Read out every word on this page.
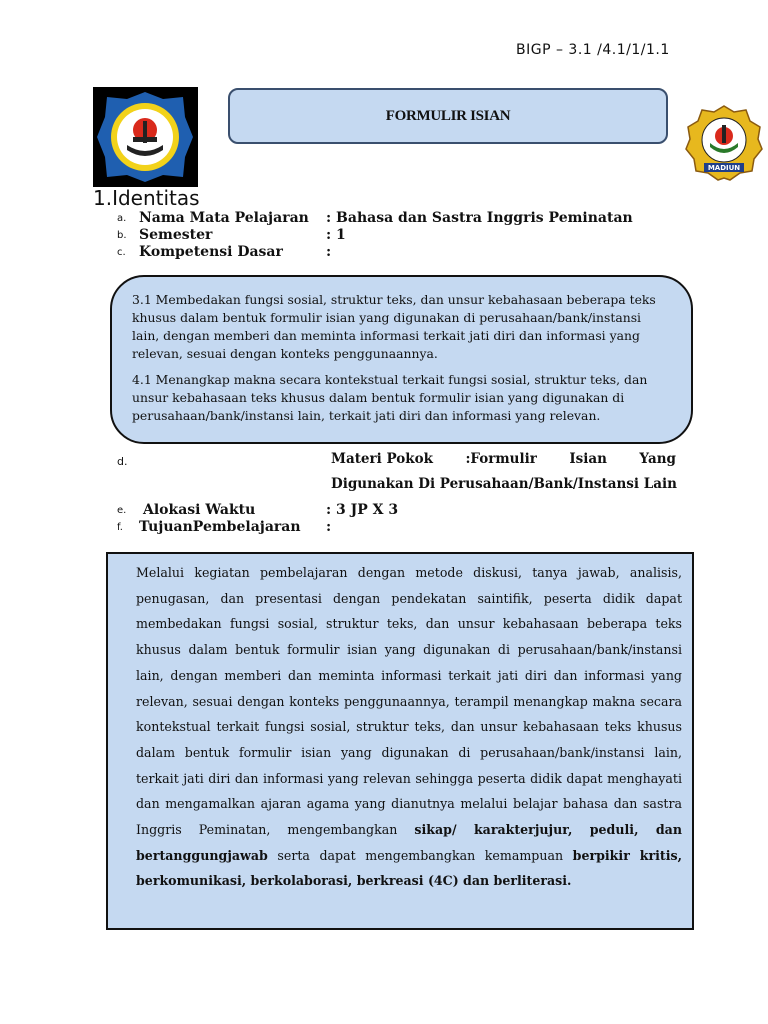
BIGP – 3.1 /4.1/1/1.1
FORMULIR ISIAN
MADIUN
1.Identitas
a. Nama Mata Pelajaran : Bahasa dan Sastra Inggris Peminatan
b. Semester	: 1
c. Kompetensi Dasar	:

3.1 Membedakan fungsi sosial, struktur teks, dan unsur kebahasaan beberapa teks khusus dalam bentuk formulir isian yang digunakan di perusahaan/bank/instansi lain, dengan memberi dan meminta informasi terkait jati diri dan informasi yang relevan, sesuai dengan konteks penggunaannya.

4.1 Menangkap makna secara kontekstual terkait fungsi sosial, struktur teks, dan unsur kebahasaan teks khusus dalam bentuk formulir isian yang digunakan di perusahaan/bank/instansi lain, terkait jati diri dan informasi yang relevan.

d.	Materi Pokok :Formulir Isian Yang
Digunakan Di Perusahaan/Bank/Instansi Lain
e. Alokasi Waktu	: 3 JP X 3
f. TujuanPembelajaran :

Melalui kegiatan pembelajaran dengan metode diskusi, tanya jawab, analisis, penugasan, dan presentasi dengan pendekatan saintifik, peserta didik dapat membedakan fungsi sosial, struktur teks, dan unsur kebahasaan beberapa teks khusus dalam bentuk formulir isian yang digunakan di perusahaan/bank/instansi lain, dengan memberi dan meminta informasi terkait jati diri dan informasi yang relevan, sesuai dengan konteks penggunaannya, terampil menangkap makna secara kontekstual terkait fungsi sosial, struktur teks, dan unsur kebahasaan teks khusus dalam bentuk formulir isian yang digunakan di perusahaan/bank/instansi lain, terkait jati diri dan informasi yang relevan sehingga peserta didik dapat menghayati dan mengamalkan ajaran agama yang dianutnya melalui belajar bahasa dan sastra Inggris Peminatan, mengembangkan sikap/ karakterjujur, peduli, dan bertanggungjawab serta dapat mengembangkan kemampuan berpikir kritis, berkomunikasi, berkolaborasi, berkreasi (4C) dan berliterasi.
